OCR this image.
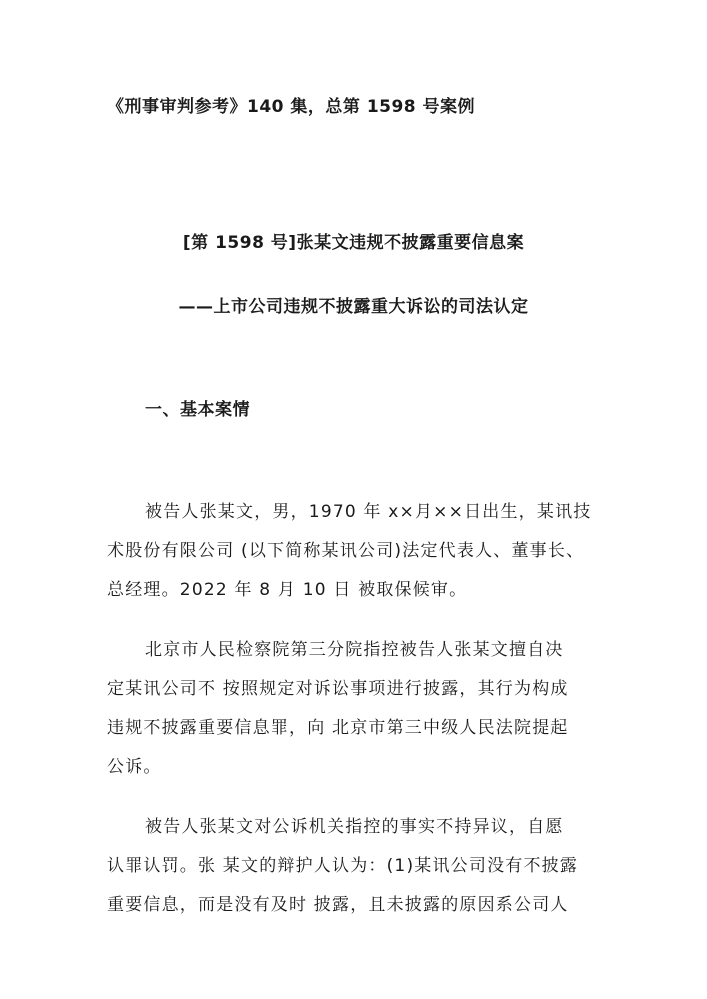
《刑事审判参考》140 集，总第 1598 号案例
[第 1598 号]张某文违规不披露重要信息案
——上市公司违规不披露重大诉讼的司法认定
一、基本案情
被告人张某文，男，1970 年 x×月××日出生，某讯技
术股份有限公司 (以下简称某讯公司)法定代表人、董事长、
总经理。2022 年 8 月 10 日 被取保候审。
北京市人民检察院第三分院指控被告人张某文擅自决
定某讯公司不 按照规定对诉讼事项进行披露，其行为构成
违规不披露重要信息罪，向 北京市第三中级人民法院提起
公诉。
被告人张某文对公诉机关指控的事实不持异议，自愿
认罪认罚。张 某文的辩护人认为：(1)某讯公司没有不披露
重要信息，而是没有及时 披露，且未披露的原因系公司人
